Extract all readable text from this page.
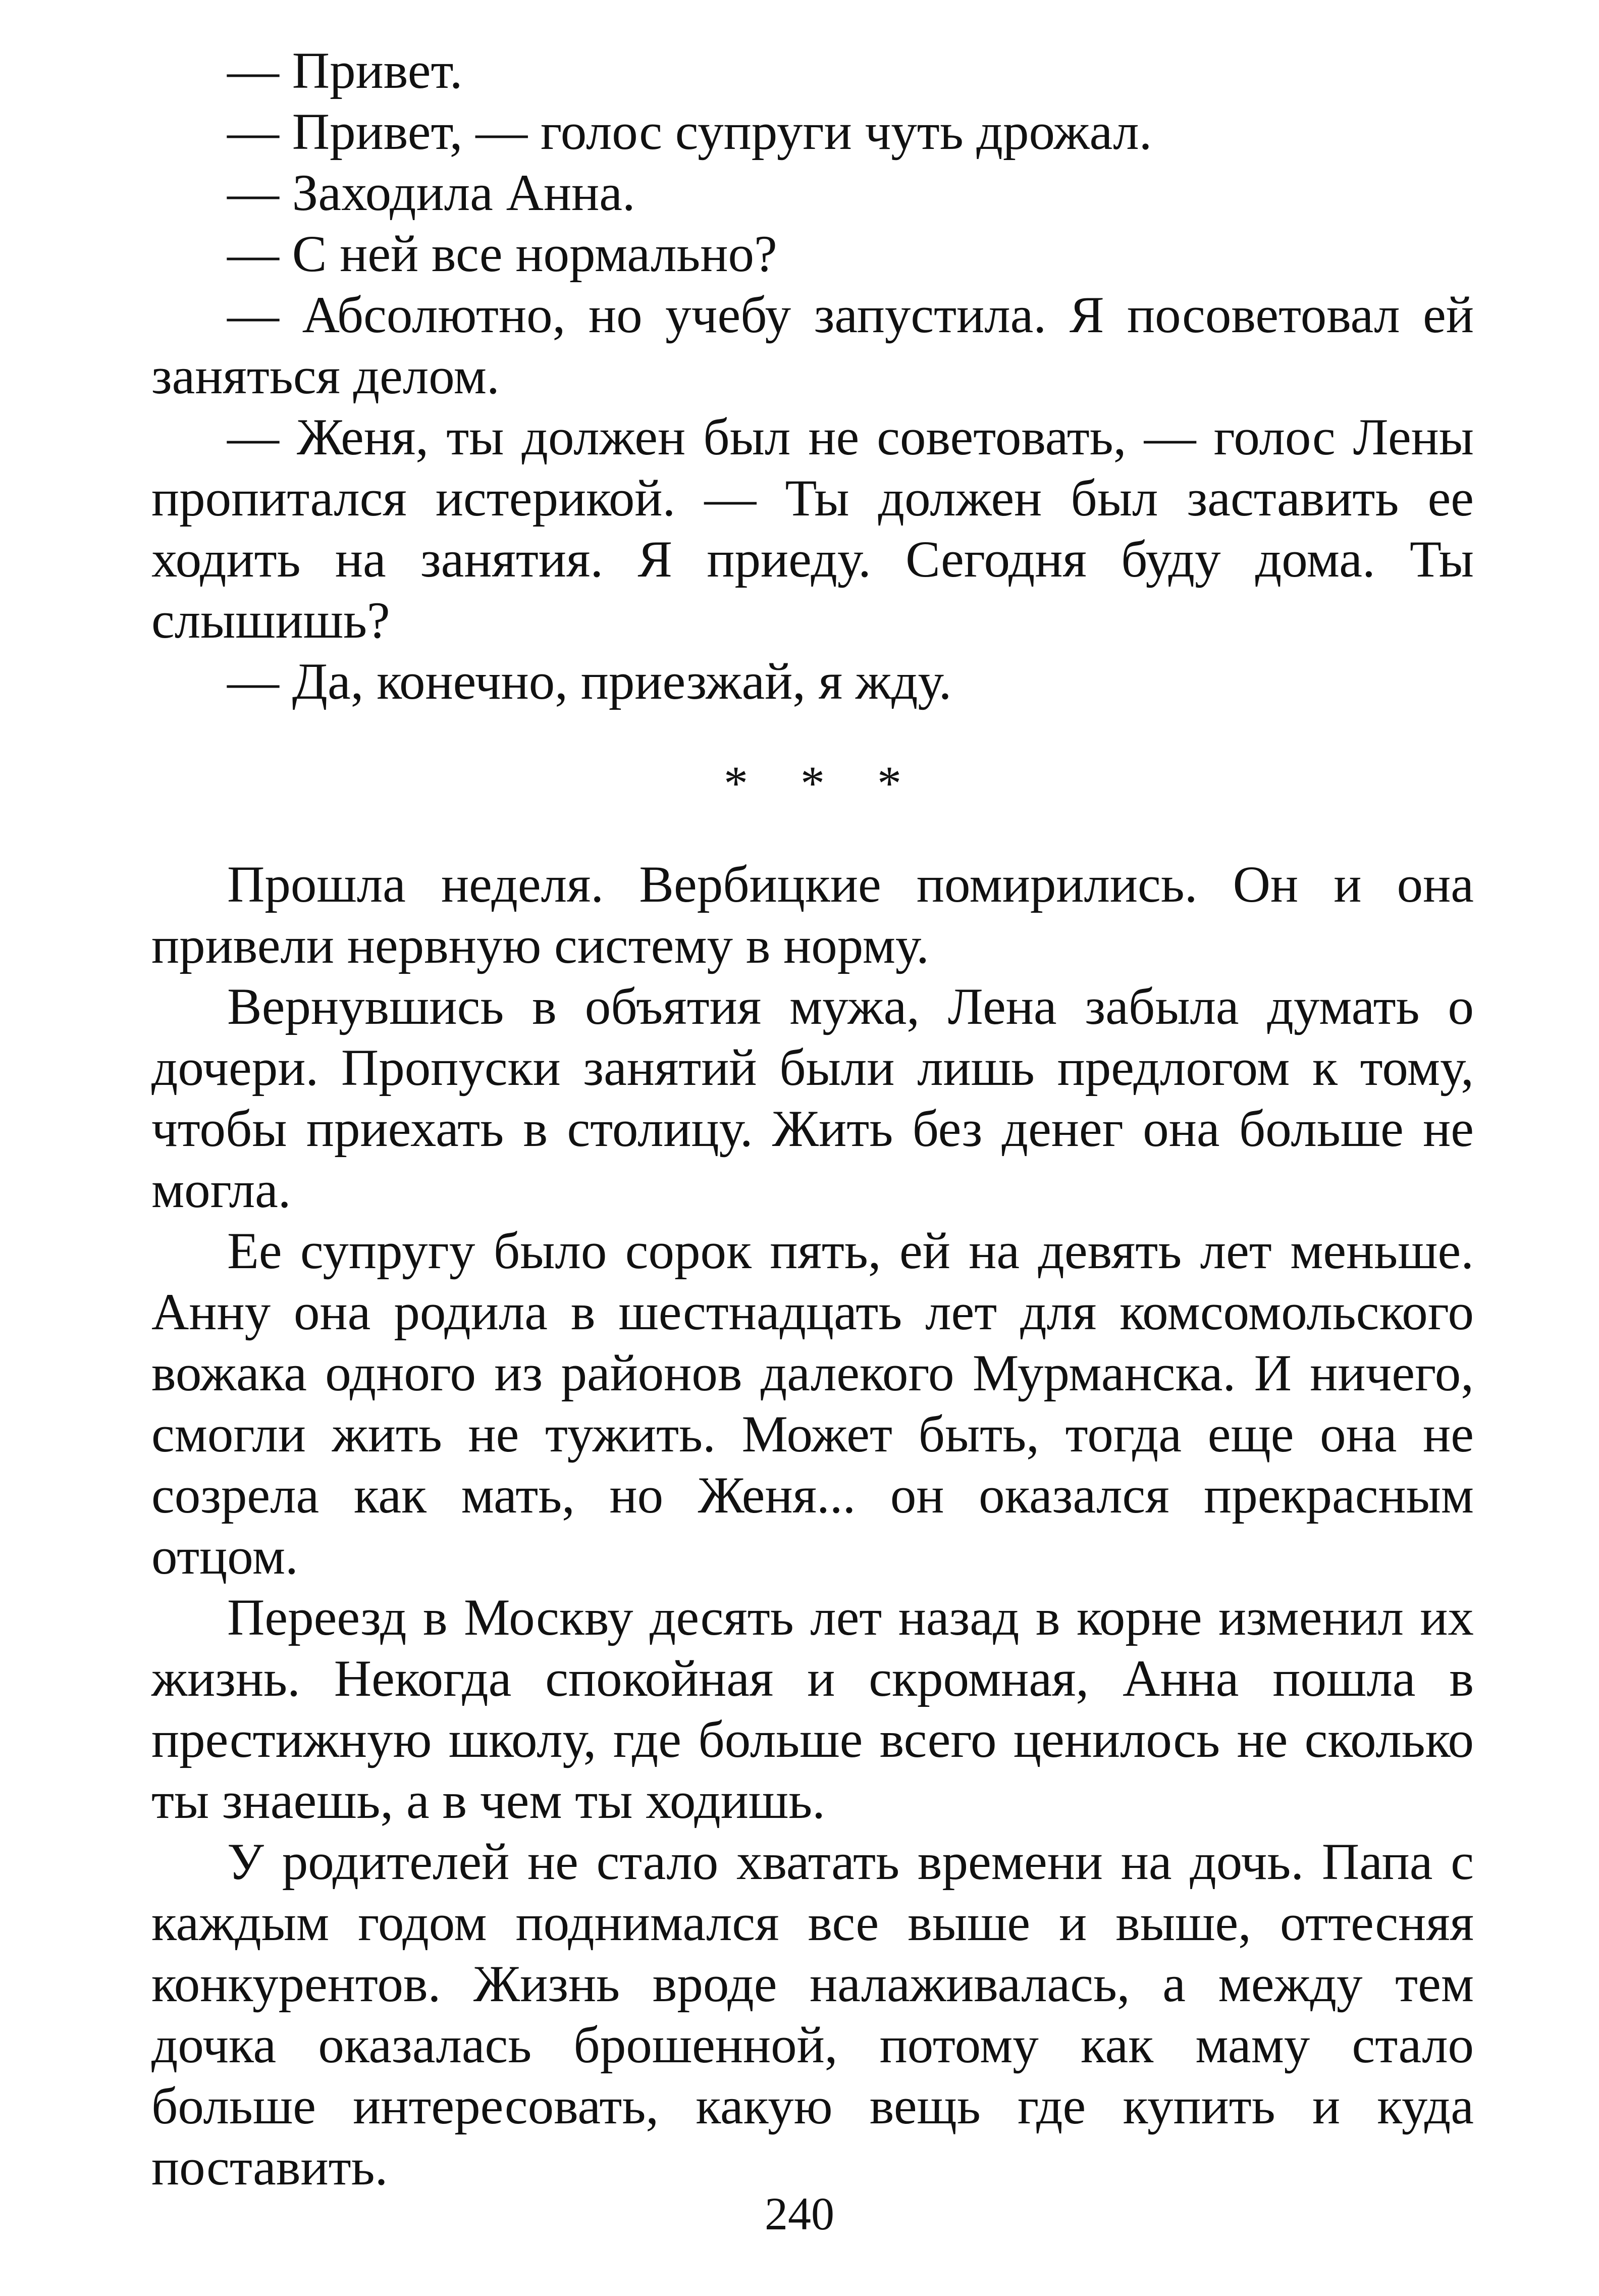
— Привет.

— Привет, — голос супруги чуть дрожал.

— Заходила Анна.

— С ней все нормально?

— Абсолютно, но учебу запустила. Я посоветовал ей заняться делом.

— Женя, ты должен был не советовать, — голос Лены пропитался истерикой. — Ты должен был заставить ее ходить на занятия. Я приеду. Сегодня буду дома. Ты слышишь?

— Да, конечно, приезжай, я жду.

* * *

Прошла неделя. Вербицкие помирились. Он и она привели нервную систему в норму.

Вернувшись в объятия мужа, Лена забыла думать о дочери. Пропуски занятий были лишь предлогом к тому, чтобы приехать в столицу. Жить без денег она больше не могла.

Ее супругу было сорок пять, ей на девять лет меньше. Анну она родила в шестнадцать лет для комсомольского вожака одного из районов далекого Мурманска. И ничего, смогли жить не тужить. Может быть, тогда еще она не созрела как мать, но Женя... он оказался прекрасным отцом.

Переезд в Москву десять лет назад в корне изменил их жизнь. Некогда спокойная и скромная, Анна пошла в престижную школу, где больше всего ценилось не сколько ты знаешь, а в чем ты ходишь.

У родителей не стало хватать времени на дочь. Папа с каждым годом поднимался все выше и выше, оттесняя конкурентов. Жизнь вроде налаживалась, а между тем дочка оказалась брошенной, потому как маму стало больше интересовать, какую вещь где купить и куда поставить.

240
